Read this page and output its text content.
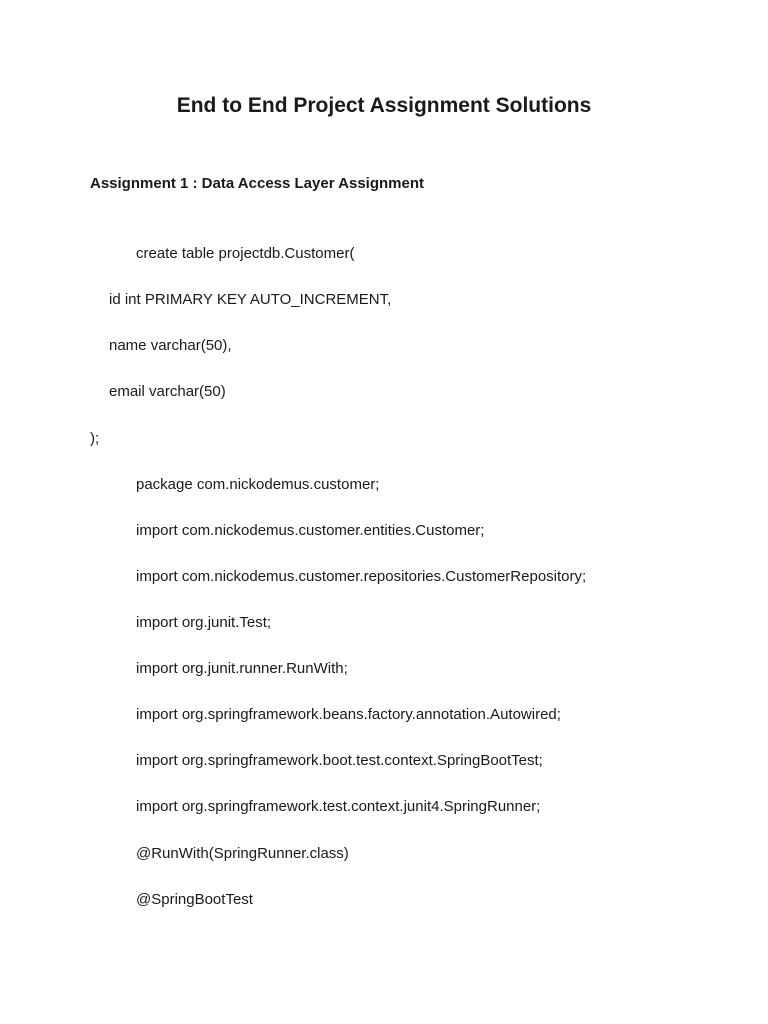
End to End Project Assignment Solutions
Assignment 1 : Data Access Layer Assignment
create table projectdb.Customer(
id int PRIMARY KEY AUTO_INCREMENT,
name varchar(50),
email varchar(50)
);
package com.nickodemus.customer;
import com.nickodemus.customer.entities.Customer;
import com.nickodemus.customer.repositories.CustomerRepository;
import org.junit.Test;
import org.junit.runner.RunWith;
import org.springframework.beans.factory.annotation.Autowired;
import org.springframework.boot.test.context.SpringBootTest;
import org.springframework.test.context.junit4.SpringRunner;
@RunWith(SpringRunner.class)
@SpringBootTest
